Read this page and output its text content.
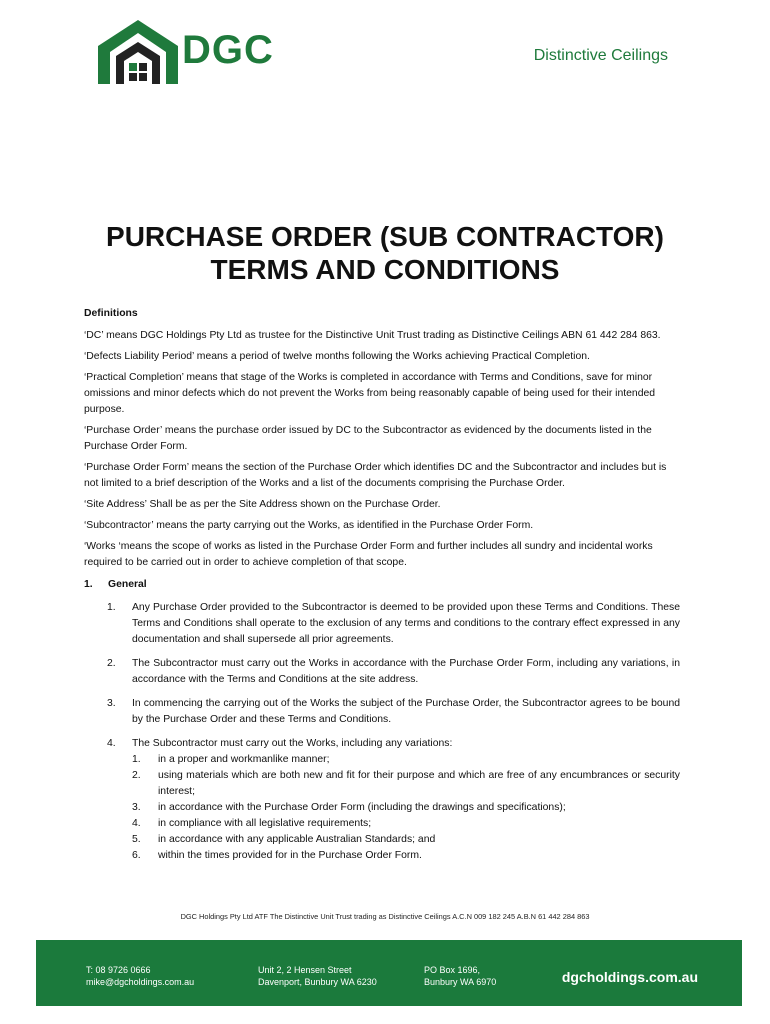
DGC	Distinctive Ceilings
PURCHASE ORDER (SUB CONTRACTOR)
TERMS AND CONDITIONS

Definitions

‘DC’ means DGC Holdings Pty Ltd as trustee for the Distinctive Unit Trust trading as Distinctive Ceilings ABN 61 442 284 863.

‘Defects Liability Period’ means a period of twelve months following the Works achieving Practical Completion.

‘Practical Completion’ means that stage of the Works is completed in accordance with Terms and Conditions, save for minor omissions and minor defects which do not prevent the Works from being reasonably capable of being used for their intended purpose.

‘Purchase Order’ means the purchase order issued by DC to the Subcontractor as evidenced by the documents listed in the Purchase Order Form.

‘Purchase Order Form’ means the section of the Purchase Order which identifies DC and the Subcontractor and includes but is not limited to a brief description of the Works and a list of the documents comprising the Purchase Order.

‘Site Address’ Shall be as per the Site Address shown on the Purchase Order.

‘Subcontractor’ means the party carrying out the Works, as identified in the Purchase Order Form.

‘Works ‘means the scope of works as listed in the Purchase Order Form and further includes all sundry and incidental works required to be carried out in order to achieve completion of that scope.

1.	General
1.	Any Purchase Order provided to the Subcontractor is deemed to be provided upon these Terms and Conditions. These Terms and Conditions shall operate to the exclusion of any terms and conditions to the contrary effect expressed in any documentation and shall supersede all prior agreements.
2.	The Subcontractor must carry out the Works in accordance with the Purchase Order Form, including any variations, in accordance with the Terms and Conditions at the site address.
3.	In commencing the carrying out of the Works the subject of the Purchase Order, the Subcontractor agrees to be bound by the Purchase Order and these Terms and Conditions.
4.	The Subcontractor must carry out the Works, including any variations:
1.	in a proper and workmanlike manner;
2.	using materials which are both new and fit for their purpose and which are free of any encumbrances or security interest;
3.	in accordance with the Purchase Order Form (including the drawings and specifications);
4.	in compliance with all legislative requirements;
5.	in accordance with any applicable Australian Standards; and
6.	within the times provided for in the Purchase Order Form.
DGC Holdings Pty Ltd ATF The Distinctive Unit Trust trading as Distinctive Ceilings A.C.N 009 182 245 A.B.N 61 442 284 863
T: 08 9726 0666
mike@dgcholdings.com.au
Unit 2, 2 Hensen Street
Davenport, Bunbury WA 6230
PO Box 1696,
Bunbury WA 6970	dgcholdings.com.au
